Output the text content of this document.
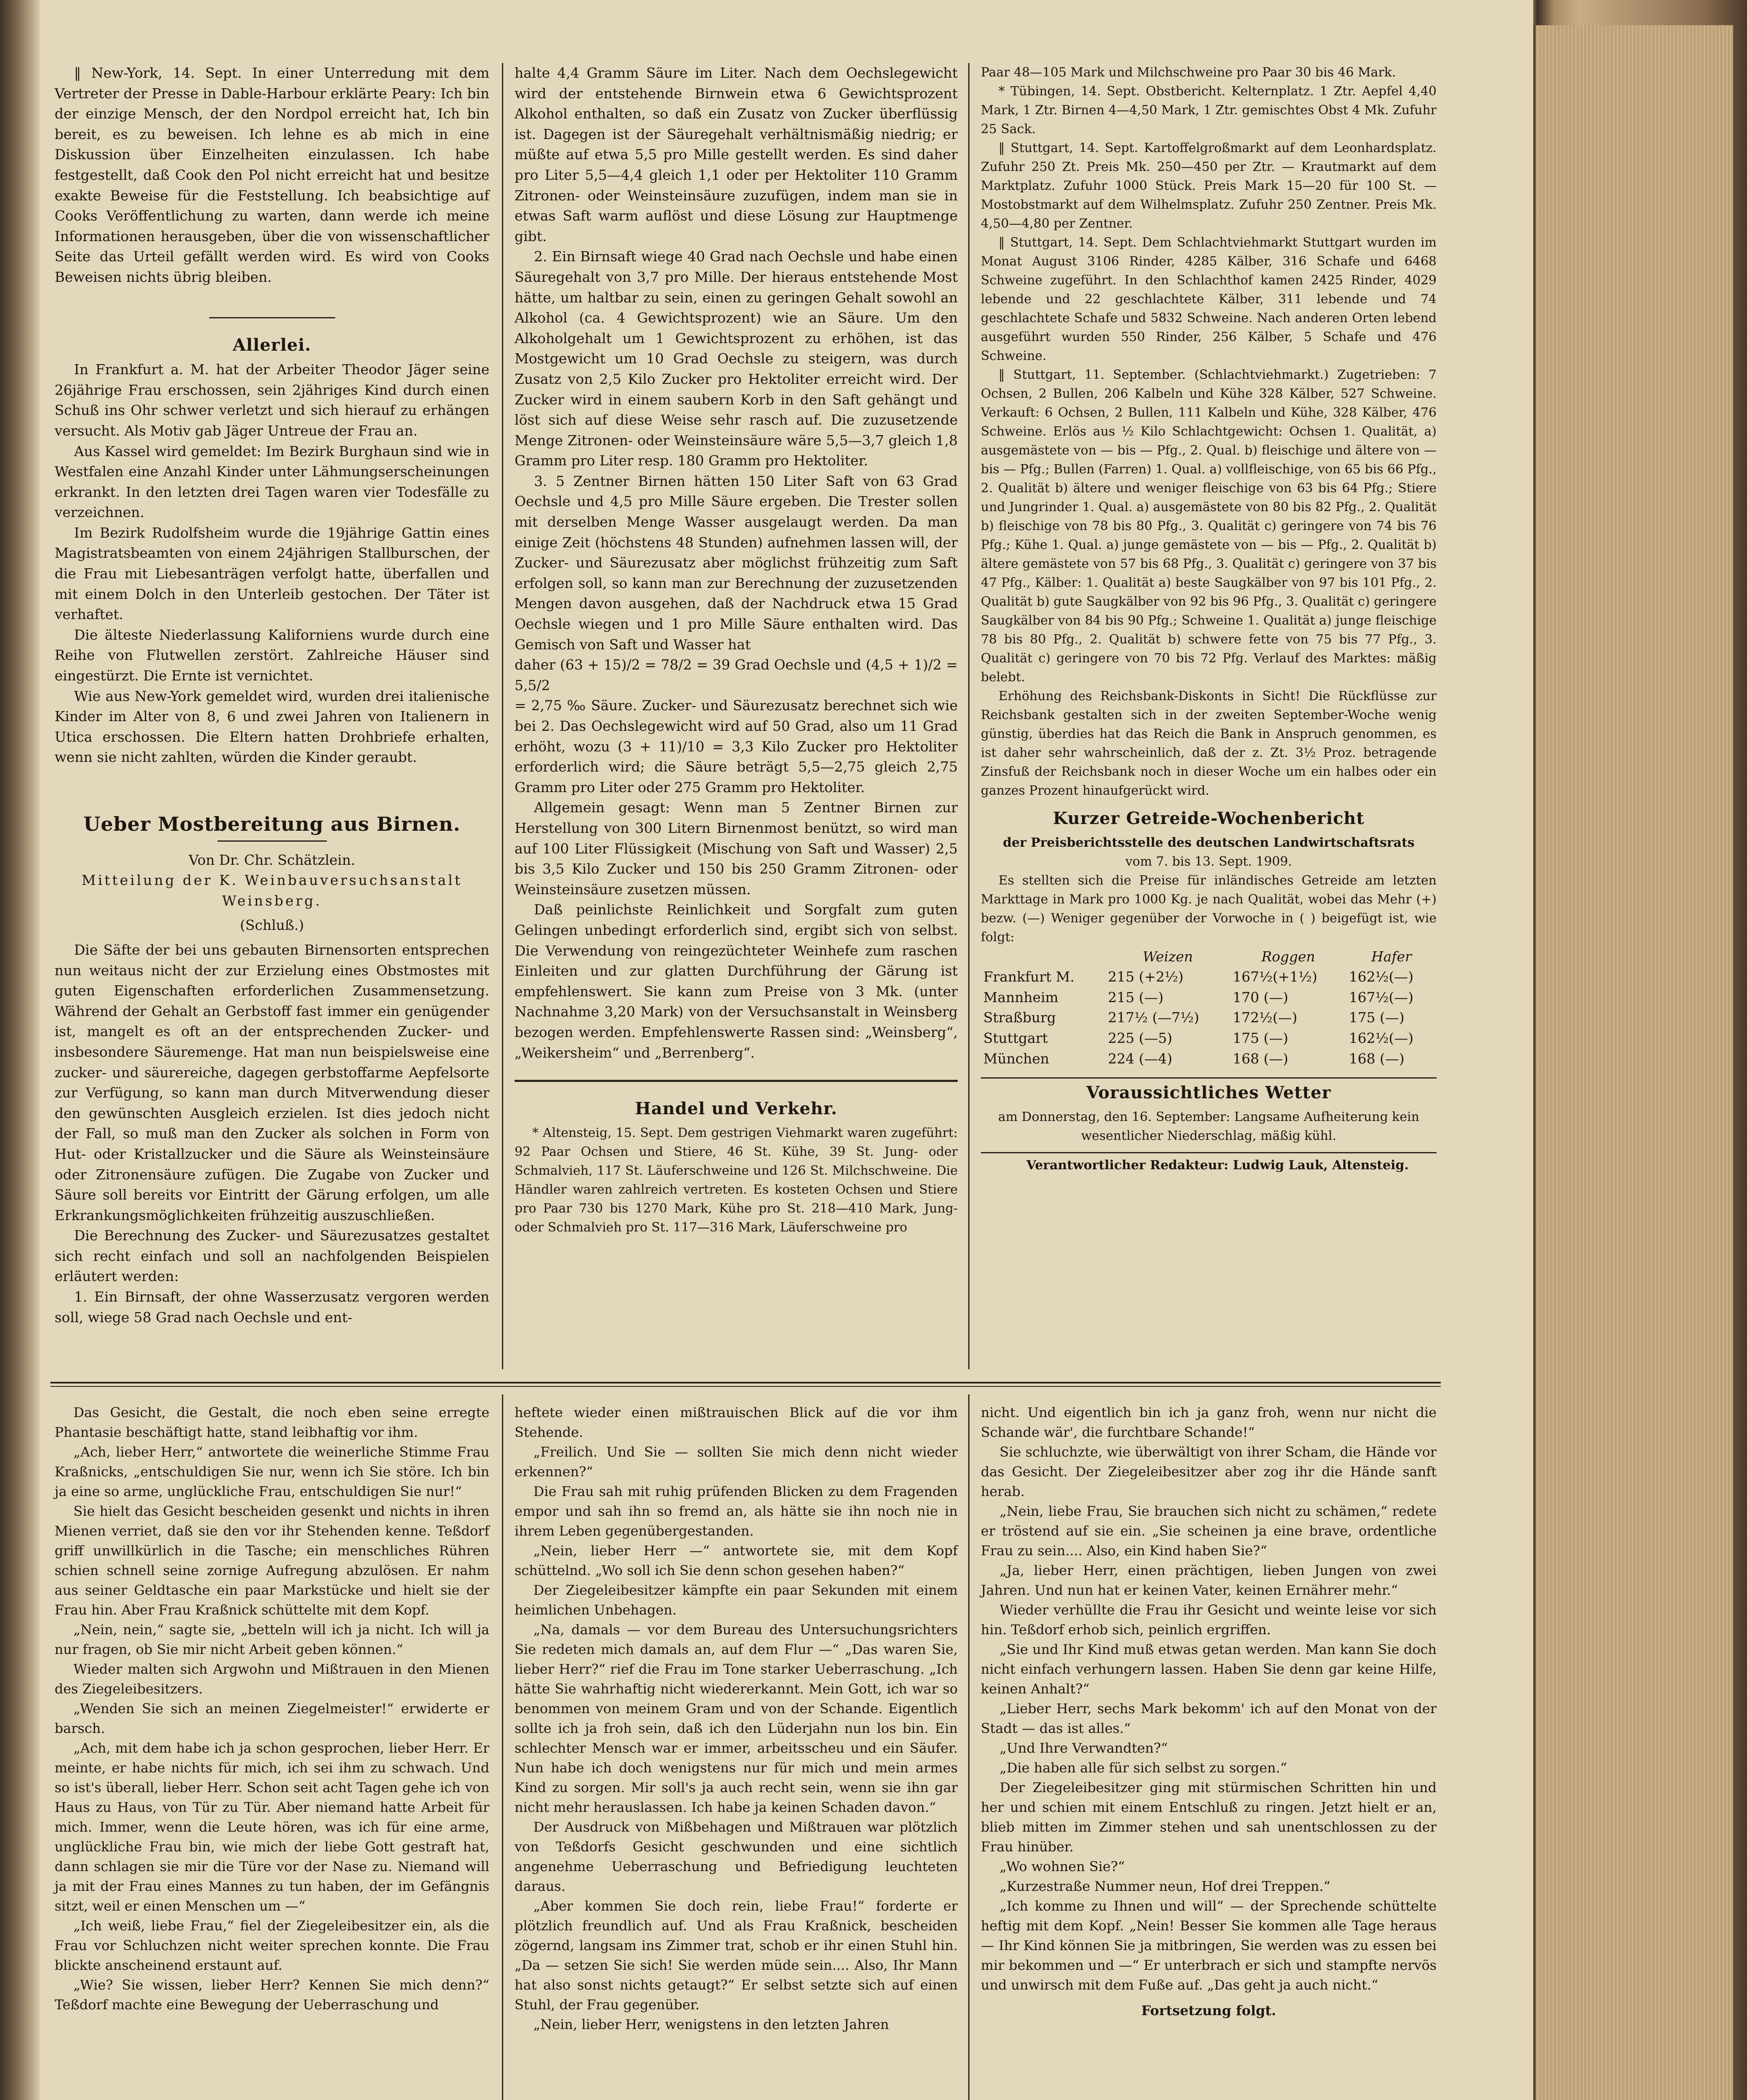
‖ New-York, 14. Sept. In einer Unterredung mit dem Vertreter der Presse in Dable-Harbour erklärte Peary: Ich bin der einzige Mensch, der den Nordpol erreicht hat, Ich bin bereit, es zu beweisen. Ich lehne es ab mich in eine Diskussion über Einzelheiten einzulassen. Ich habe festgestellt, daß Cook den Pol nicht erreicht hat und besitze exakte Beweise für die Feststellung. Ich beabsichtige auf Cooks Veröffentlichung zu warten, dann werde ich meine Informationen herausgeben, über die von wissenschaftlicher Seite das Urteil gefällt werden wird. Es wird von Cooks Beweisen nichts übrig bleiben.

Allerlei.

In Frankfurt a. M. hat der Arbeiter Theodor Jäger seine 26jährige Frau erschossen, sein 2jähriges Kind durch einen Schuß ins Ohr schwer verletzt und sich hierauf zu erhängen versucht. Als Motiv gab Jäger Untreue der Frau an.

Aus Kassel wird gemeldet: Im Bezirk Burghaun sind wie in Westfalen eine Anzahl Kinder unter Lähmungserscheinungen erkrankt. In den letzten drei Tagen waren vier Todesfälle zu verzeichnen.

Im Bezirk Rudolfsheim wurde die 19jährige Gattin eines Magistratsbeamten von einem 24jährigen Stallburschen, der die Frau mit Liebesanträgen verfolgt hatte, überfallen und mit einem Dolch in den Unterleib gestochen. Der Täter ist verhaftet.

Die älteste Niederlassung Kaliforniens wurde durch eine Reihe von Flutwellen zerstört. Zahlreiche Häuser sind eingestürzt. Die Ernte ist vernichtet.

Wie aus New-York gemeldet wird, wurden drei italienische Kinder im Alter von 8, 6 und zwei Jahren von Italienern in Utica erschossen. Die Eltern hatten Drohbriefe erhalten, wenn sie nicht zahlten, würden die Kinder geraubt.

Ueber Mostbereitung aus Birnen.

Von Dr. Chr. Schätzlein.

Mitteilung der K. Weinbauversuchsanstalt Weinsberg.

(Schluß.)

Die Säfte der bei uns gebauten Birnensorten entsprechen nun weitaus nicht der zur Erzielung eines Obstmostes mit guten Eigenschaften erforderlichen Zusammensetzung. Während der Gehalt an Gerbstoff fast immer ein genügender ist, mangelt es oft an der entsprechenden Zucker- und insbesondere Säuremenge. Hat man nun beispielsweise eine zucker- und säurereiche, dagegen gerbstoffarme Aepfelsorte zur Verfügung, so kann man durch Mitverwendung dieser den gewünschten Ausgleich erzielen. Ist dies jedoch nicht der Fall, so muß man den Zucker als solchen in Form von Hut- oder Kristallzucker und die Säure als Weinsteinsäure oder Zitronensäure zufügen. Die Zugabe von Zucker und Säure soll bereits vor Eintritt der Gärung erfolgen, um alle Erkrankungsmöglichkeiten frühzeitig auszuschließen.

Die Berechnung des Zucker- und Säurezusatzes gestaltet sich recht einfach und soll an nachfolgenden Beispielen erläutert werden:

1. Ein Birnsaft, der ohne Wasserzusatz vergoren werden soll, wiege 58 Grad nach Oechsle und ent-

halte 4,4 Gramm Säure im Liter. Nach dem Oechslegewicht wird der entstehende Birnwein etwa 6 Gewichtsprozent Alkohol enthalten, so daß ein Zusatz von Zucker überflüssig ist. Dagegen ist der Säuregehalt verhältnismäßig niedrig; er müßte auf etwa 5,5 pro Mille gestellt werden. Es sind daher pro Liter 5,5—4,4 gleich 1,1 oder per Hektoliter 110 Gramm Zitronen- oder Weinsteinsäure zuzufügen, indem man sie in etwas Saft warm auflöst und diese Lösung zur Hauptmenge gibt.

2. Ein Birnsaft wiege 40 Grad nach Oechsle und habe einen Säuregehalt von 3,7 pro Mille. Der hieraus entstehende Most hätte, um haltbar zu sein, einen zu geringen Gehalt sowohl an Alkohol (ca. 4 Gewichtsprozent) wie an Säure. Um den Alkoholgehalt um 1 Gewichtsprozent zu erhöhen, ist das Mostgewicht um 10 Grad Oechsle zu steigern, was durch Zusatz von 2,5 Kilo Zucker pro Hektoliter erreicht wird. Der Zucker wird in einem saubern Korb in den Saft gehängt und löst sich auf diese Weise sehr rasch auf. Die zuzusetzende Menge Zitronen- oder Weinsteinsäure wäre 5,5—3,7 gleich 1,8 Gramm pro Liter resp. 180 Gramm pro Hektoliter.

3. 5 Zentner Birnen hätten 150 Liter Saft von 63 Grad Oechsle und 4,5 pro Mille Säure ergeben. Die Trester sollen mit derselben Menge Wasser ausgelaugt werden. Da man einige Zeit (höchstens 48 Stunden) aufnehmen lassen will, der Zucker- und Säurezusatz aber möglichst frühzeitig zum Saft erfolgen soll, so kann man zur Berechnung der zuzusetzenden Mengen davon ausgehen, daß der Nachdruck etwa 15 Grad Oechsle wiegen und 1 pro Mille Säure enthalten wird. Das Gemisch von Saft und Wasser hat

daher (63 + 15)/2 = 78/2 = 39 Grad Oechsle und (4,5 + 1)/2 = 5,5/2

= 2,75 ‰ Säure. Zucker- und Säurezusatz berechnet sich wie bei 2. Das Oechslegewicht wird auf 50 Grad, also um 11 Grad erhöht, wozu (3 + 11)/10 = 3,3 Kilo Zucker pro Hektoliter erforderlich wird; die Säure beträgt 5,5—2,75 gleich 2,75 Gramm pro Liter oder 275 Gramm pro Hektoliter.

Allgemein gesagt: Wenn man 5 Zentner Birnen zur Herstellung von 300 Litern Birnenmost benützt, so wird man auf 100 Liter Flüssigkeit (Mischung von Saft und Wasser) 2,5 bis 3,5 Kilo Zucker und 150 bis 250 Gramm Zitronen- oder Weinsteinsäure zusetzen müssen.

Daß peinlichste Reinlichkeit und Sorgfalt zum guten Gelingen unbedingt erforderlich sind, ergibt sich von selbst. Die Verwendung von reingezüchteter Weinhefe zum raschen Einleiten und zur glatten Durchführung der Gärung ist empfehlenswert. Sie kann zum Preise von 3 Mk. (unter Nachnahme 3,20 Mark) von der Versuchsanstalt in Weinsberg bezogen werden. Empfehlenswerte Rassen sind: „Weinsberg“, „Weikersheim“ und „Berrenberg“.

Handel und Verkehr.

* Altensteig, 15. Sept. Dem gestrigen Viehmarkt waren zugeführt: 92 Paar Ochsen und Stiere, 46 St. Kühe, 39 St. Jung- oder Schmalvieh, 117 St. Läuferschweine und 126 St. Milchschweine. Die Händler waren zahlreich vertreten. Es kosteten Ochsen und Stiere pro Paar 730 bis 1270 Mark, Kühe pro St. 218—410 Mark, Jung- oder Schmalvieh pro St. 117—316 Mark, Läuferschweine pro

Paar 48—105 Mark und Milchschweine pro Paar 30 bis 46 Mark.

* Tübingen, 14. Sept. Obstbericht. Kelternplatz. 1 Ztr. Aepfel 4,40 Mark, 1 Ztr. Birnen 4—4,50 Mark, 1 Ztr. gemischtes Obst 4 Mk. Zufuhr 25 Sack.

‖ Stuttgart, 14. Sept. Kartoffelgroßmarkt auf dem Leonhardsplatz. Zufuhr 250 Zt. Preis Mk. 250—450 per Ztr. — Krautmarkt auf dem Marktplatz. Zufuhr 1000 Stück. Preis Mark 15—20 für 100 St. — Mostobstmarkt auf dem Wilhelmsplatz. Zufuhr 250 Zentner. Preis Mk. 4,50—4,80 per Zentner.

‖ Stuttgart, 14. Sept. Dem Schlachtviehmarkt Stuttgart wurden im Monat August 3106 Rinder, 4285 Kälber, 316 Schafe und 6468 Schweine zugeführt. In den Schlachthof kamen 2425 Rinder, 4029 lebende und 22 geschlachtete Kälber, 311 lebende und 74 geschlachtete Schafe und 5832 Schweine. Nach anderen Orten lebend ausgeführt wurden 550 Rinder, 256 Kälber, 5 Schafe und 476 Schweine.

‖ Stuttgart, 11. September. (Schlachtviehmarkt.) Zugetrieben: 7 Ochsen, 2 Bullen, 206 Kalbeln und Kühe 328 Kälber, 527 Schweine. Verkauft: 6 Ochsen, 2 Bullen, 111 Kalbeln und Kühe, 328 Kälber, 476 Schweine. Erlös aus ½ Kilo Schlachtgewicht: Ochsen 1. Qualität, a) ausgemästete von — bis — Pfg., 2. Qual. b) fleischige und ältere von — bis — Pfg.; Bullen (Farren) 1. Qual. a) vollfleischige, von 65 bis 66 Pfg., 2. Qualität b) ältere und weniger fleischige von 63 bis 64 Pfg.; Stiere und Jungrinder 1. Qual. a) ausgemästete von 80 bis 82 Pfg., 2. Qualität b) fleischige von 78 bis 80 Pfg., 3. Qualität c) geringere von 74 bis 76 Pfg.; Kühe 1. Qual. a) junge gemästete von — bis — Pfg., 2. Qualität b) ältere gemästete von 57 bis 68 Pfg., 3. Qualität c) geringere von 37 bis 47 Pfg., Kälber: 1. Qualität a) beste Saugkälber von 97 bis 101 Pfg., 2. Qualität b) gute Saugkälber von 92 bis 96 Pfg., 3. Qualität c) geringere Saugkälber von 84 bis 90 Pfg.; Schweine 1. Qualität a) junge fleischige 78 bis 80 Pfg., 2. Qualität b) schwere fette von 75 bis 77 Pfg., 3. Qualität c) geringere von 70 bis 72 Pfg. Verlauf des Marktes: mäßig belebt.

Erhöhung des Reichsbank-Diskonts in Sicht! Die Rückflüsse zur Reichsbank gestalten sich in der zweiten September-Woche wenig günstig, überdies hat das Reich die Bank in Anspruch genommen, es ist daher sehr wahrscheinlich, daß der z. Zt. 3½ Proz. betragende Zinsfuß der Reichsbank noch in dieser Woche um ein halbes oder ein ganzes Prozent hinaufgerückt wird.

Kurzer Getreide-Wochenbericht

der Preisberichtsstelle des deutschen Landwirtschaftsrats

vom 7. bis 13. Sept. 1909.

Es stellten sich die Preise für inländisches Getreide am letzten Markttage in Mark pro 1000 Kg. je nach Qualität, wobei das Mehr (+) bezw. (—) Weniger gegenüber der Vorwoche in ( ) beigefügt ist, wie folgt:

	Weizen	Roggen	Hafer
Frankfurt M.	215 (+2½)	167½(+1½)	162½(—)
Mannheim	215 (—)	170 (—)	167½(—)
Straßburg	217½ (—7½)	172½(—)	175 (—)
Stuttgart	225 (—5)	175 (—)	162½(—)
München	224 (—4)	168 (—)	168 (—)

Voraussichtliches Wetter

am Donnerstag, den 16. September: Langsame Aufheiterung kein wesentlicher Niederschlag, mäßig kühl.

Verantwortlicher Redakteur: Ludwig Lauk, Altensteig.

Das Gesicht, die Gestalt, die noch eben seine erregte Phantasie beschäftigt hatte, stand leibhaftig vor ihm.

„Ach, lieber Herr,“ antwortete die weinerliche Stimme Frau Kraßnicks, „entschuldigen Sie nur, wenn ich Sie störe. Ich bin ja eine so arme, unglückliche Frau, entschuldigen Sie nur!“

Sie hielt das Gesicht bescheiden gesenkt und nichts in ihren Mienen verriet, daß sie den vor ihr Stehenden kenne. Teßdorf griff unwillkürlich in die Tasche; ein menschliches Rühren schien schnell seine zornige Aufregung abzulösen. Er nahm aus seiner Geldtasche ein paar Markstücke und hielt sie der Frau hin. Aber Frau Kraßnick schüttelte mit dem Kopf.

„Nein, nein,“ sagte sie, „betteln will ich ja nicht. Ich will ja nur fragen, ob Sie mir nicht Arbeit geben können.“

Wieder malten sich Argwohn und Mißtrauen in den Mienen des Ziegeleibesitzers.

„Wenden Sie sich an meinen Ziegelmeister!“ erwiderte er barsch.

„Ach, mit dem habe ich ja schon gesprochen, lieber Herr. Er meinte, er habe nichts für mich, ich sei ihm zu schwach. Und so ist's überall, lieber Herr. Schon seit acht Tagen gehe ich von Haus zu Haus, von Tür zu Tür. Aber niemand hatte Arbeit für mich. Immer, wenn die Leute hören, was ich für eine arme, unglückliche Frau bin, wie mich der liebe Gott gestraft hat, dann schlagen sie mir die Türe vor der Nase zu. Niemand will ja mit der Frau eines Mannes zu tun haben, der im Gefängnis sitzt, weil er einen Menschen um —“

„Ich weiß, liebe Frau,“ fiel der Ziegeleibesitzer ein, als die Frau vor Schluchzen nicht weiter sprechen konnte. Die Frau blickte anscheinend erstaunt auf.

„Wie? Sie wissen, lieber Herr? Kennen Sie mich denn?“ Teßdorf machte eine Bewegung der Ueberraschung und

heftete wieder einen mißtrauischen Blick auf die vor ihm Stehende.

„Freilich. Und Sie — sollten Sie mich denn nicht wieder erkennen?“

Die Frau sah mit ruhig prüfenden Blicken zu dem Fragenden empor und sah ihn so fremd an, als hätte sie ihn noch nie in ihrem Leben gegenübergestanden.

„Nein, lieber Herr —“ antwortete sie, mit dem Kopf schüttelnd. „Wo soll ich Sie denn schon gesehen haben?“

Der Ziegeleibesitzer kämpfte ein paar Sekunden mit einem heimlichen Unbehagen.

„Na, damals — vor dem Bureau des Untersuchungsrichters Sie redeten mich damals an, auf dem Flur —“ „Das waren Sie, lieber Herr?“ rief die Frau im Tone starker Ueberraschung. „Ich hätte Sie wahrhaftig nicht wiedererkannt. Mein Gott, ich war so benommen von meinem Gram und von der Schande. Eigentlich sollte ich ja froh sein, daß ich den Lüderjahn nun los bin. Ein schlechter Mensch war er immer, arbeitsscheu und ein Säufer. Nun habe ich doch wenigstens nur für mich und mein armes Kind zu sorgen. Mir soll's ja auch recht sein, wenn sie ihn gar nicht mehr herauslassen. Ich habe ja keinen Schaden davon.“

Der Ausdruck von Mißbehagen und Mißtrauen war plötzlich von Teßdorfs Gesicht geschwunden und eine sichtlich angenehme Ueberraschung und Befriedigung leuchteten daraus.

„Aber kommen Sie doch rein, liebe Frau!“ forderte er plötzlich freundlich auf. Und als Frau Kraßnick, bescheiden zögernd, langsam ins Zimmer trat, schob er ihr einen Stuhl hin. „Da — setzen Sie sich! Sie werden müde sein.... Also, Ihr Mann hat also sonst nichts getaugt?“ Er selbst setzte sich auf einen Stuhl, der Frau gegenüber.

„Nein, lieber Herr, wenigstens in den letzten Jahren

nicht. Und eigentlich bin ich ja ganz froh, wenn nur nicht die Schande wär', die furchtbare Schande!“

Sie schluchzte, wie überwältigt von ihrer Scham, die Hände vor das Gesicht. Der Ziegeleibesitzer aber zog ihr die Hände sanft herab.

„Nein, liebe Frau, Sie brauchen sich nicht zu schämen,“ redete er tröstend auf sie ein. „Sie scheinen ja eine brave, ordentliche Frau zu sein.... Also, ein Kind haben Sie?“

„Ja, lieber Herr, einen prächtigen, lieben Jungen von zwei Jahren. Und nun hat er keinen Vater, keinen Ernährer mehr.“

Wieder verhüllte die Frau ihr Gesicht und weinte leise vor sich hin. Teßdorf erhob sich, peinlich ergriffen.

„Sie und Ihr Kind muß etwas getan werden. Man kann Sie doch nicht einfach verhungern lassen. Haben Sie denn gar keine Hilfe, keinen Anhalt?“

„Lieber Herr, sechs Mark bekomm' ich auf den Monat von der Stadt — das ist alles.“

„Und Ihre Verwandten?“

„Die haben alle für sich selbst zu sorgen.“

Der Ziegeleibesitzer ging mit stürmischen Schritten hin und her und schien mit einem Entschluß zu ringen. Jetzt hielt er an, blieb mitten im Zimmer stehen und sah unentschlossen zu der Frau hinüber.

„Wo wohnen Sie?“

„Kurzestraße Nummer neun, Hof drei Treppen.“

„Ich komme zu Ihnen und will“ — der Sprechende schüttelte heftig mit dem Kopf. „Nein! Besser Sie kommen alle Tage heraus — Ihr Kind können Sie ja mitbringen, Sie werden was zu essen bei mir bekommen und —“ Er unterbrach er sich und stampfte nervös und unwirsch mit dem Fuße auf. „Das geht ja auch nicht.“

Fortsetzung folgt.
